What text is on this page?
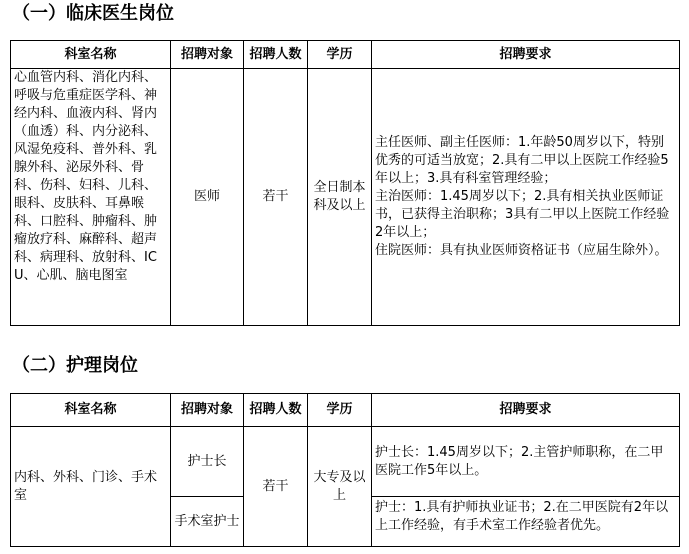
（一）临床医生岗位
科室名称	招聘对象	招聘人数	学历	招聘要求
心血管内科、消化内科、呼吸与危重症医学科、神经内科、血液内科、肾内（血透）科、内分泌科、风湿免疫科、普外科、乳腺外科、泌尿外科、骨科、伤科、妇科、儿科、眼科、皮肤科、耳鼻喉科、口腔科、肿瘤科、肿瘤放疗科、麻醉科、超声科、病理科、放射科、ICU、心肌、脑电图室	医师	若干	全日制本科及以上	主任医师、副主任医师：1.年龄50周岁以下，特别优秀的可适当放宽；2.具有二甲以上医院工作经验5年以上；3.具有科室管理经验；

主治医师：1.45周岁以下；2.具有相关执业医师证书，已获得主治职称；3具有二甲以上医院工作经验2年以上；

住院医师：具有执业医师资格证书（应届生除外）。

（二）护理岗位
科室名称	招聘对象	招聘人数	学历	招聘要求
内科、外科、门诊、手术室	护士长	若干	大专及以上	护士长：1.45周岁以下；2.主管护师职称，在二甲医院工作5年以上。
	手术室护士			护士：1.具有护师执业证书；2.在二甲医院有2年以上工作经验，有手术室工作经验者优先。
